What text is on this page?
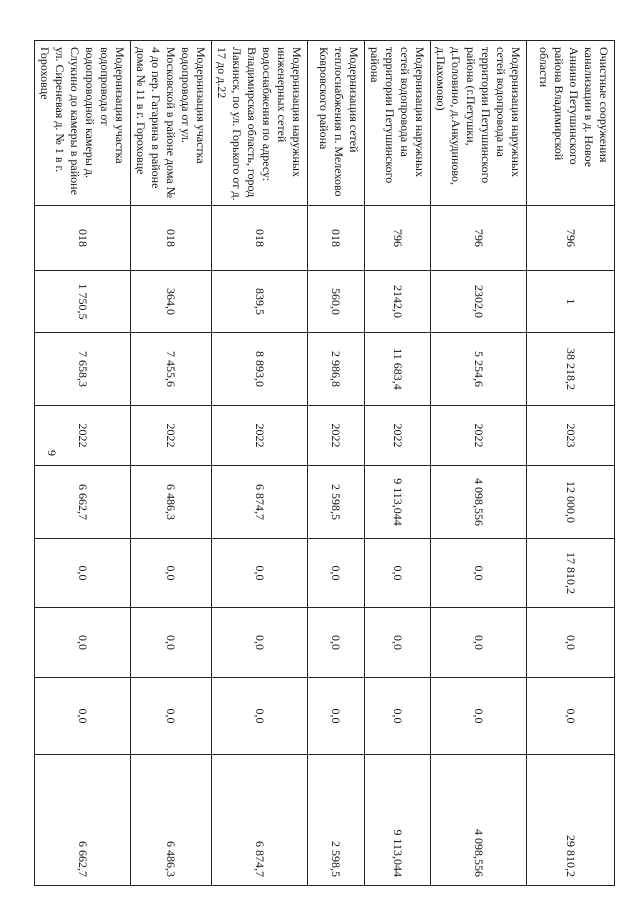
9
Очистные сооружения канализации в д. Новое Аннино Петушинского района Владимирской области	796	1	38 218,2	2023	12 000,0	17 810,2	0,0	0,0	29 810,2
Модернизация наружных сетей водопровода на территории Петушинского района (г.Петушки, д.Головино, д.Анкудиново, д.Пахомово)	796	2302,0	5 254,6	2022	4 098,556	0,0	0,0	0,0	4 098,556
Модернизация наружных сетей водопровода на территории Петушинского района	796	2142,0	11 683,4	2022	9 113,044	0,0	0,0	0,0	9 113,044
Модернизация сетей теплоснабжения п. Мелехово Ковровского района	018	560,0	2 986,8	2022	2 598,5	0,0	0,0	0,0	2 598,5
Модернизация наружных инженерных сетей водоснабжения по адресу: Владимирская область, город Лакинск, по ул. Горького от д. 17 до д.22	018	839,5	8 893,0	2022	6 874,7	0,0	0,0	0,0	6 874,7
Модернизация участка водопровода от ул. Московской в районе дома № 4 до пер. Гагарина в районе дома № 11 в г. Гороховце	018	364,0	7 455,6	2022	6 486,3	0,0	0,0	0,0	6 486,3
Модернизация участка водопровода от водопроводной камеры д. Слукино до камеры в районе ул. Сиреневая д. № 1 в г. Гороховце	018	1 750,5	7 658,3	2022	6 662,7	0,0	0,0	0,0	6 662,7
